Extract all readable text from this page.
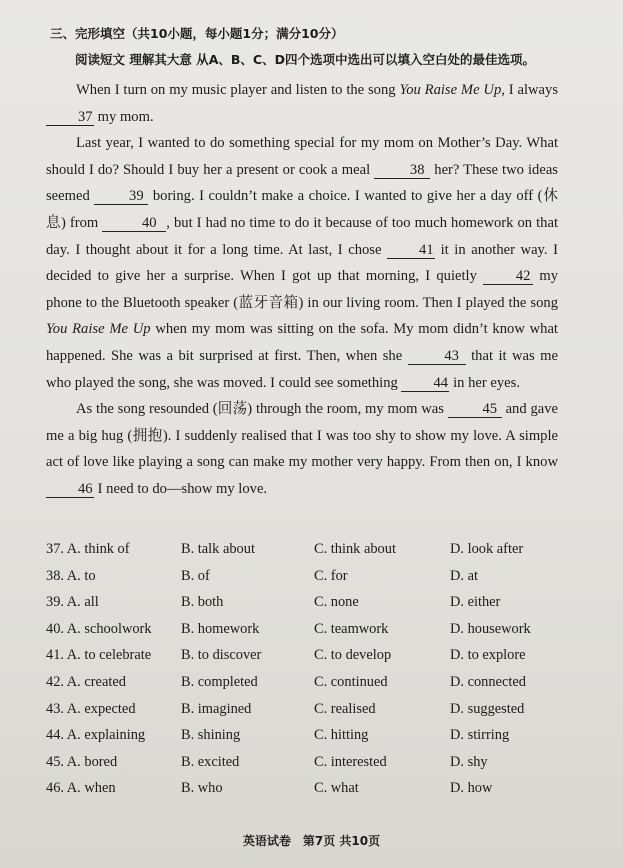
三、完形填空（共10小题，每小题1分；满分10分）
阅读短文 理解其大意 从A、B、C、D四个选项中选出可以填入空白处的最佳选项。

When I turn on my music player and listen to the song You Raise Me Up, I always 37 my mom.

Last year, I wanted to do something special for my mom on Mother’s Day. What should I do? Should I buy her a present or cook a meal 38 her? These two ideas seemed 39 boring. I couldn’t make a choice. I wanted to give her a day off (休息) from	40 , but I had no time to do it because of too much homework on that day. I thought about it for a long time. At last, I chose 41 it in another way. I decided to give her a surprise. When I got up that morning, I quietly 42 my phone to the Bluetooth speaker (蓝牙音箱) in our living room. Then I played the song You Raise Me Up when my mom was sitting on the sofa. My mom didn’t know what happened. She was a bit surprised at first. Then, when she	43 that it was me who played the song, she was moved. I could see something 44 in her eyes.

As the song resounded (回荡) through the room, my mom was 45 and gave me a big hug (拥抱). I suddenly realised that I was too shy to show my love. A simple act of love like playing a song can make my mother very happy. From then on, I know 46 I need to do—show my love.

37. A. think of	B. talk about	C. think about	D. look after
38. A. to	B. of	C. for	D. at
39. A. all	B. both	C. none	D. either
40. A. schoolwork B. homework	C. teamwork	D. housework
41. A. to celebrate B. to discover	C. to develop	D. to explore
42. A. created	B. completed	C. continued	D. connected
43. A. expected	B. imagined	C. realised	D. suggested
44. A. explaining B. shining	C. hitting	D. stirring
45. A. bored	B. excited	C. interested	D. shy
46. A. when	B. who	C. what	D. how
英语试卷　第7页 共10页
